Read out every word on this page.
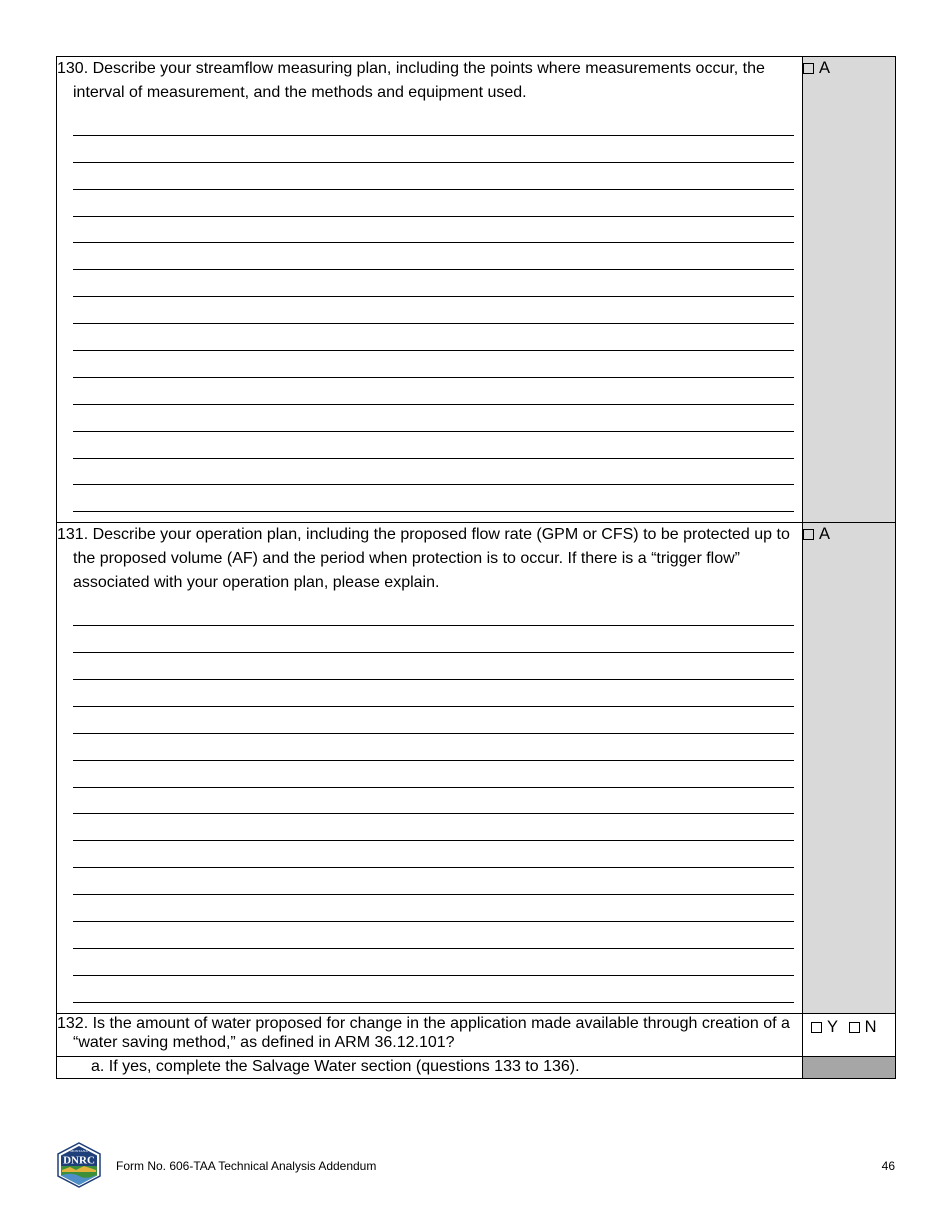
130. Describe your streamflow measuring plan, including the points where measurements occur, the interval of measurement, and the methods and equipment used.	A

131. Describe your operation plan, including the proposed flow rate (GPM or CFS) to be protected up to the proposed volume (AF) and the period when protection is to occur. If there is a “trigger flow” associated with your operation plan, please explain.	A

132. Is the amount of water proposed for change in the application made available through creation of a “water saving method,” as defined in ARM 36.12.101?	Y N

a. If yes, complete the Salvage Water section (questions 133 to 136).	

MONTANA
DNRC Form No. 606-TAA Technical Analysis Addendum	46
